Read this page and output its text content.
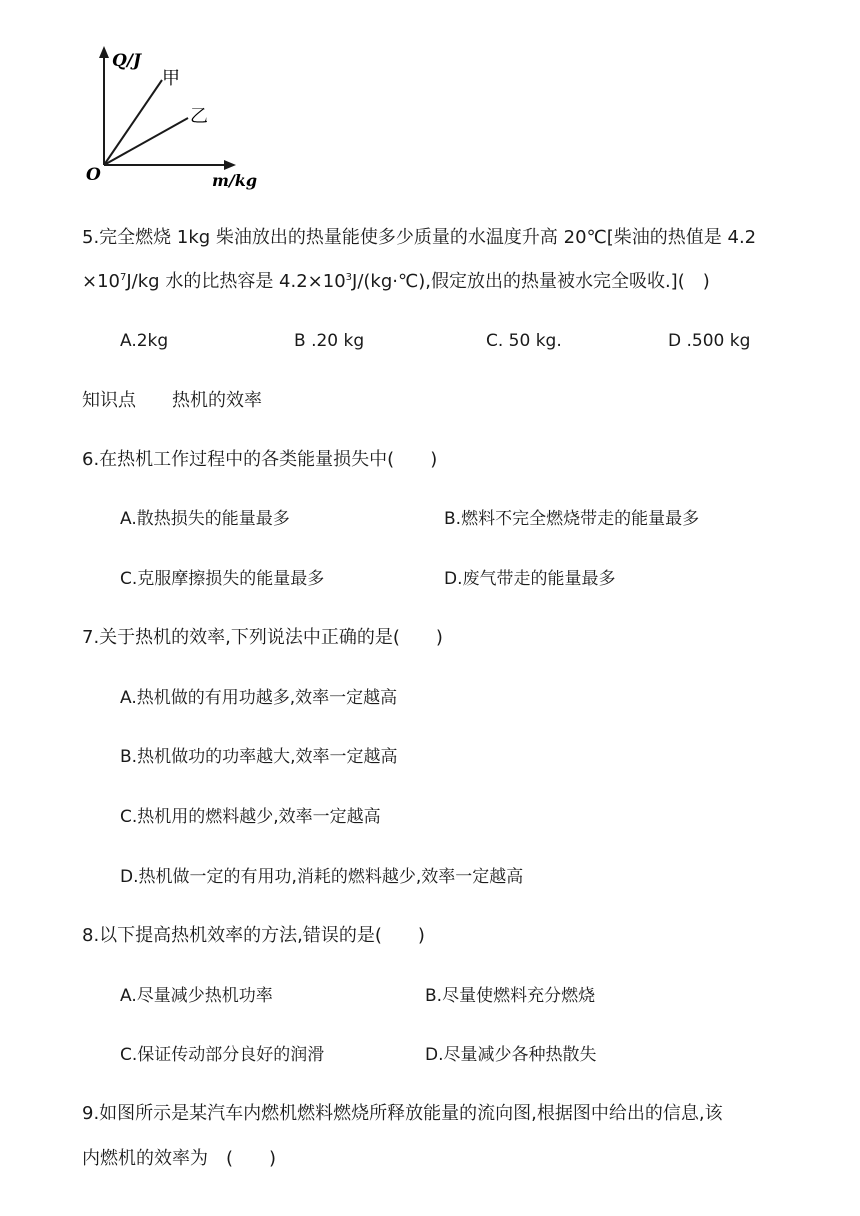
Q/J
甲
乙
O	m/kg
5.完全燃烧 1kg 柴油放出的热量能使多少质量的水温度升高 20℃[柴油的热值是 4.2
$\times 10^7J/kg$ 水的比热容是 $4.2\times 10^3J/(kg\cdot℃)$,假定放出的热量被水完全吸收.](　)
A.2kg	B .20 kg	C. 50 kg.	D .500 kg
知识点 热机的效率
6.在热机工作过程中的各类能量损失中(　　)
A.散热损失的能量最多	B.燃料不完全燃烧带走的能量最多
C.克服摩擦损失的能量最多	D.废气带走的能量最多
7.关于热机的效率,下列说法中正确的是(　　)
A.热机做的有用功越多,效率一定越高
B.热机做功的功率越大,效率一定越高
C.热机用的燃料越少,效率一定越高
D.热机做一定的有用功,消耗的燃料越少,效率一定越高
8.以下提高热机效率的方法,错误的是(　　)
A.尽量减少热机功率	B.尽量使燃料充分燃烧
C.保证传动部分良好的润滑	D.尽量减少各种热散失
9.如图所示是某汽车内燃机燃料燃烧所释放能量的流向图,根据图中给出的信息,该
内燃机的效率为　(　　)
